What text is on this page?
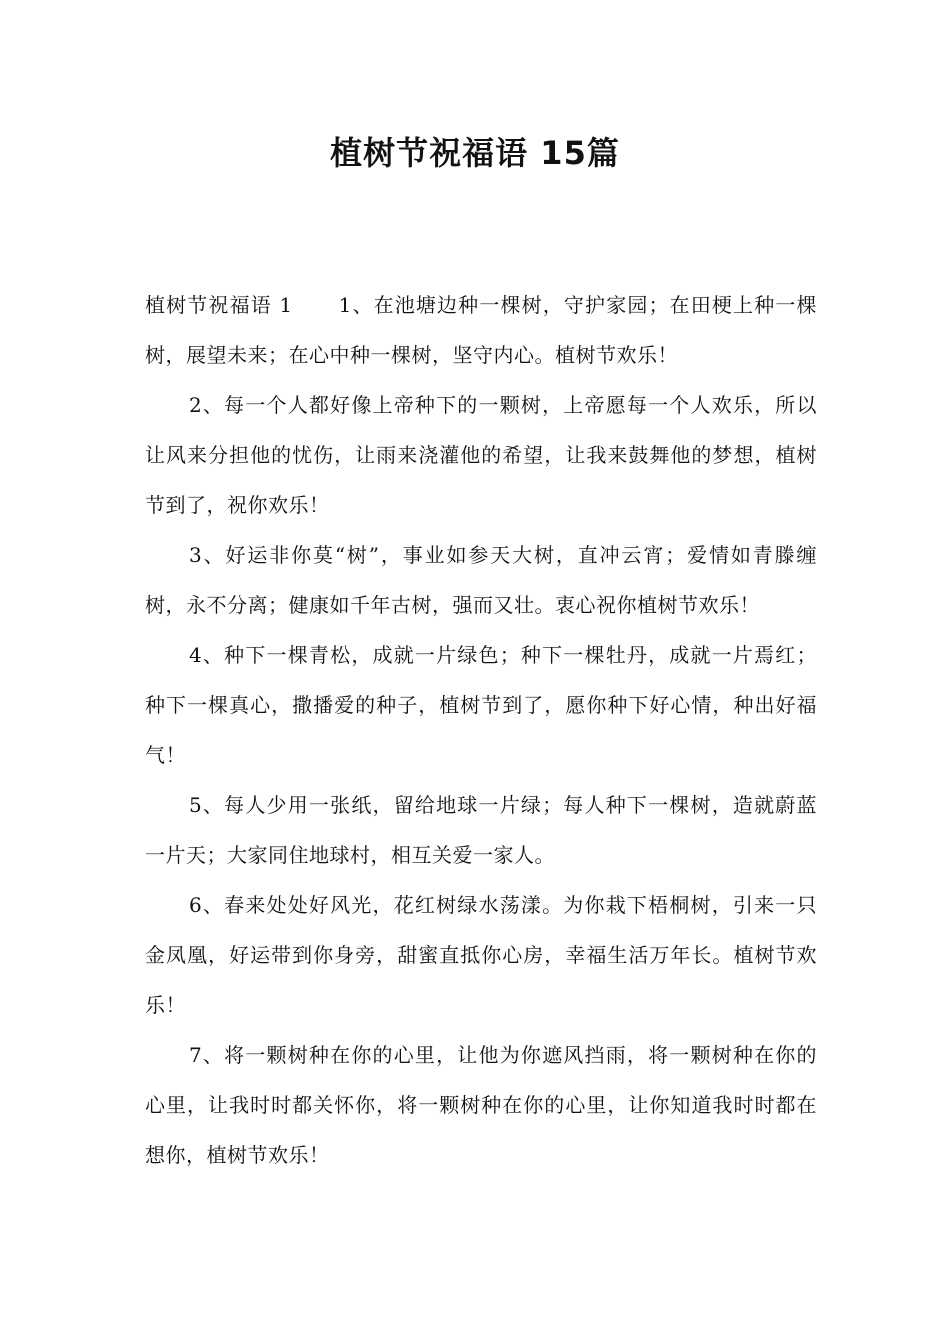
植树节祝福语 15篇

植树节祝福语 1 1、在池塘边种一棵树，守护家园；在田梗上种一棵树，展望未来；在心中种一棵树，坚守内心。植树节欢乐！

2、每一个人都好像上帝种下的一颗树，上帝愿每一个人欢乐，所以让风来分担他的忧伤，让雨来浇灌他的希望，让我来鼓舞他的梦想，植树节到了，祝你欢乐！

3、好运非你莫“树”，事业如参天大树，直冲云宵；爱情如青滕缠树，永不分离；健康如千年古树，强而又壮。衷心祝你植树节欢乐！

4、种下一棵青松，成就一片绿色；种下一棵牡丹，成就一片焉红；种下一棵真心，撒播爱的种子，植树节到了，愿你种下好心情，种出好福气！

5、每人少用一张纸，留给地球一片绿；每人种下一棵树，造就蔚蓝一片天；大家同住地球村，相互关爱一家人。

6、春来处处好风光，花红树绿水荡漾。为你栽下梧桐树，引来一只金凤凰，好运带到你身旁，甜蜜直抵你心房，幸福生活万年长。植树节欢乐！

7、将一颗树种在你的心里，让他为你遮风挡雨，将一颗树种在你的心里，让我时时都关怀你，将一颗树种在你的心里，让你知道我时时都在想你，植树节欢乐！
